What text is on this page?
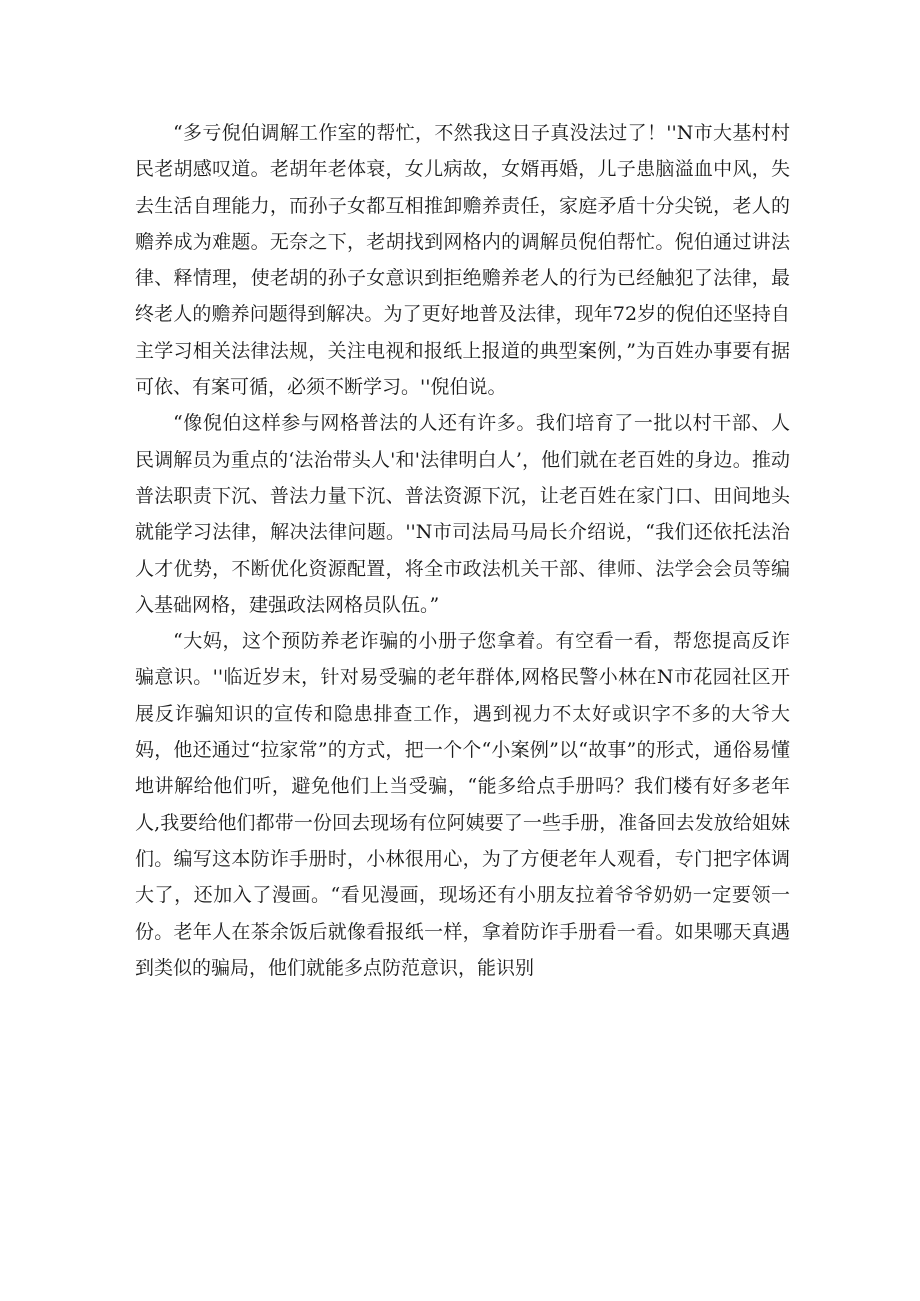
“多亏倪伯调解工作室的帮忙，不然我这日子真没法过了！''N市大基村村民老胡感叹道。老胡年老体衰，女儿病故，女婿再婚，儿子患脑溢血中风，失去生活自理能力，而孙子女都互相推卸赡养责任，家庭矛盾十分尖锐，老人的赡养成为难题。无奈之下，老胡找到网格内的调解员倪伯帮忙。倪伯通过讲法律、释情理，使老胡的孙子女意识到拒绝赡养老人的行为已经触犯了法律，最终老人的赡养问题得到解决。为了更好地普及法律，现年72岁的倪伯还坚持自主学习相关法律法规，关注电视和报纸上报道的典型案例，”为百姓办事要有据可依、有案可循，必须不断学习。''倪伯说。

“像倪伯这样参与网格普法的人还有许多。我们培育了一批以村干部、人民调解员为重点的‘法治带头人'和'法律明白人’，他们就在老百姓的身边。推动普法职责下沉、普法力量下沉、普法资源下沉，让老百姓在家门口、田间地头就能学习法律，解决法律问题。''N市司法局马局长介绍说，“我们还依托法治人才优势，不断优化资源配置，将全市政法机关干部、律师、法学会会员等编入基础网格，建强政法网格员队伍。”

“大妈，这个预防养老诈骗的小册子您拿着。有空看一看，帮您提高反诈骗意识。''临近岁末，针对易受骗的老年群体,网格民警小林在N市花园社区开展反诈骗知识的宣传和隐患排查工作，遇到视力不太好或识字不多的大爷大妈，他还通过“拉家常”的方式，把一个个“小案例”以“故事”的形式，通俗易懂地讲解给他们听，避免他们上当受骗，“能多给点手册吗？我们楼有好多老年人,我要给他们都带一份回去现场有位阿姨要了一些手册，准备回去发放给姐妹们。编写这本防诈手册时，小林很用心，为了方便老年人观看，专门把字体调大了，还加入了漫画。“看见漫画，现场还有小朋友拉着爷爷奶奶一定要领一份。老年人在茶余饭后就像看报纸一样，拿着防诈手册看一看。如果哪天真遇到类似的骗局，他们就能多点防范意识，能识别
